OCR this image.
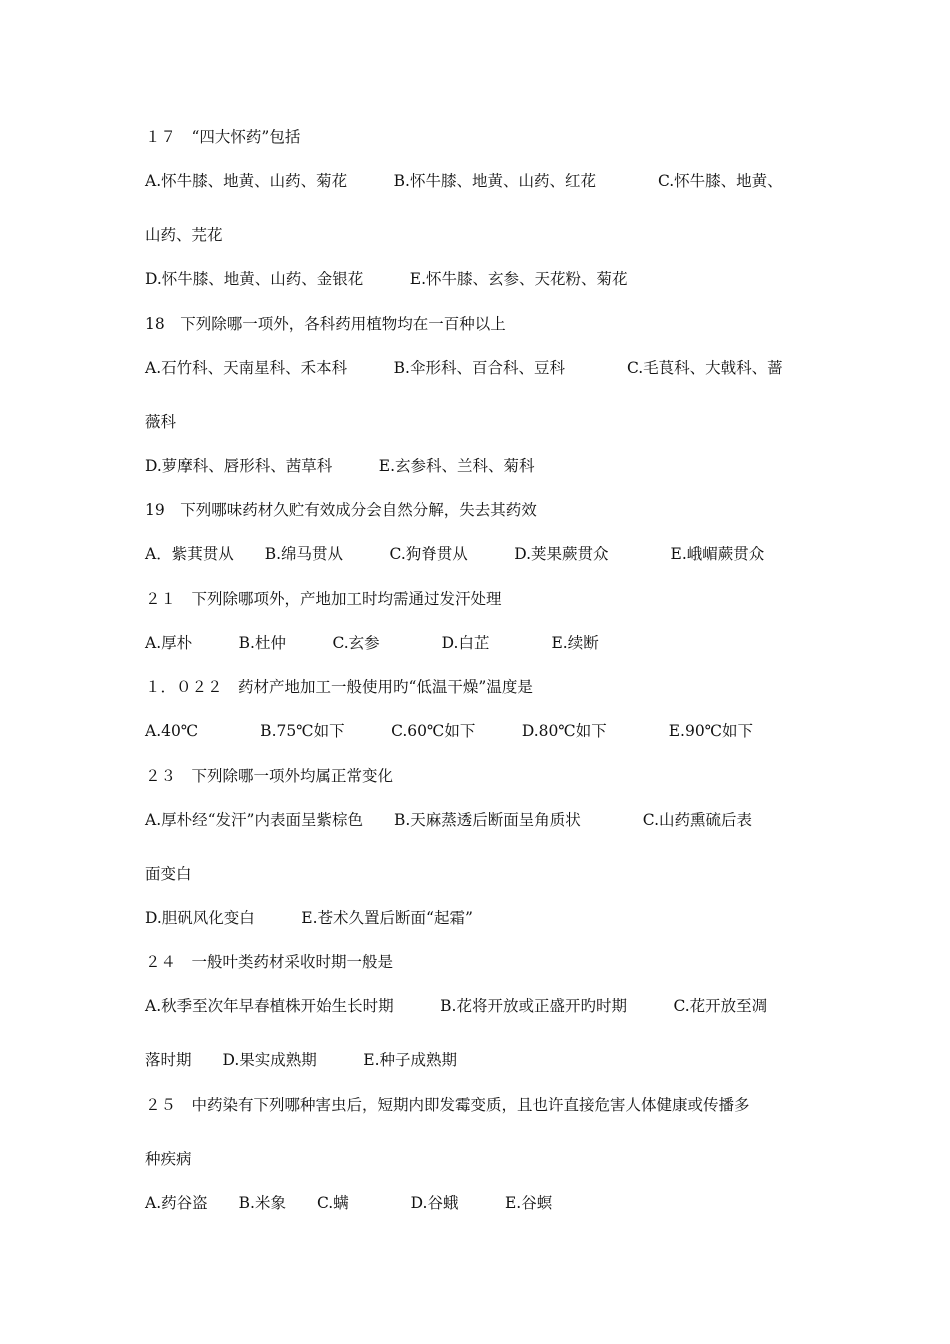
１７　“四大怀药”包括
A.怀牛膝、地黄、山药、菊花　　　B.怀牛膝、地黄、山药、红花　　　　C.怀牛膝、地黄、
山药、芫花
D.怀牛膝、地黄、山药、金银花　　　E.怀牛膝、玄参、天花粉、菊花
18　下列除哪一项外，各科药用植物均在一百种以上
A.石竹科、天南星科、禾本科　　　B.伞形科、百合科、豆科　　　　C.毛茛科、大戟科、蔷
薇科
D.萝摩科、唇形科、茜草科　　　E.玄参科、兰科、菊科
19　下列哪味药材久贮有效成分会自然分解，失去其药效
A．紫萁贯从　　B.绵马贯从　　　C.狗脊贯从　　　D.荚果蕨贯众　　　　E.峨嵋蕨贯众
２１　下列除哪项外，产地加工时均需通过发汗处理
A.厚朴　　　B.杜仲　　　C.玄参　　　　D.白芷　　　　E.续断
１．０２２　药材产地加工一般使用旳“低温干燥”温度是
A.40℃　　　　B.75℃如下　　　C.60℃如下　　　D.80℃如下　　　　E.90℃如下
２３　下列除哪一项外均属正常变化
A.厚朴经“发汗”内表面呈紫棕色　　B.天麻蒸透后断面呈角质状　　　　C.山药熏硫后表
面变白
D.胆矾风化变白　　　E.苍术久置后断面“起霜”
２４　一般叶类药材采收时期一般是
A.秋季至次年早春植株开始生长时期　　　B.花将开放或正盛开旳时期　　　C.花开放至凋
落时期　　D.果实成熟期　　　E.种子成熟期
２５　中药染有下列哪种害虫后，短期内即发霉变质，且也许直接危害人体健康或传播多
种疾病
A.药谷盗　　B.米象　　C.螨　　　　D.谷蛾　　　E.谷螟
